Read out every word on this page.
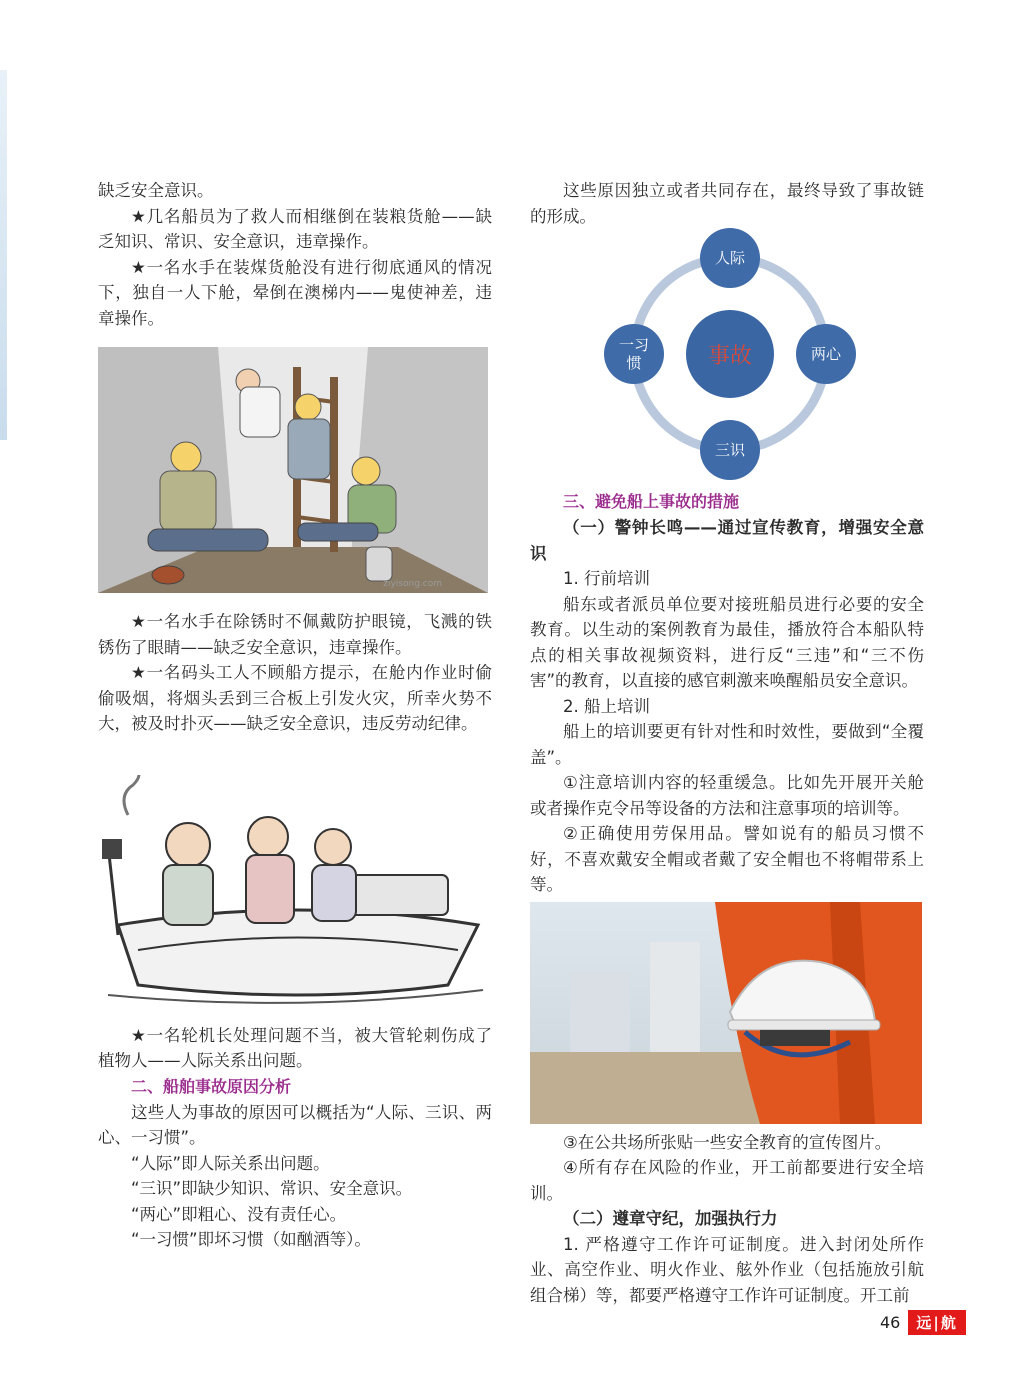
缺乏安全意识。

★几名船员为了救人而相继倒在装粮货舱——缺乏知识、常识、安全意识，违章操作。

★一名水手在装煤货舱没有进行彻底通风的情况下，独自一人下舱，晕倒在澳梯内——鬼使神差，违章操作。

ziyisong.com

★一名水手在除锈时不佩戴防护眼镜，飞溅的铁锈伤了眼睛——缺乏安全意识，违章操作。

★一名码头工人不顾船方提示，在舱内作业时偷偷吸烟，将烟头丢到三合板上引发火灾，所幸火势不大，被及时扑灭——缺乏安全意识，违反劳动纪律。

★一名轮机长处理问题不当，被大管轮刺伤成了植物人——人际关系出问题。

二、船舶事故原因分析

这些人为事故的原因可以概括为“人际、三识、两心、一习惯”。

“人际”即人际关系出问题。

“三识”即缺少知识、常识、安全意识。

“两心”即粗心、没有责任心。

“一习惯”即坏习惯（如酗酒等）。

这些原因独立或者共同存在，最终导致了事故链的形成。

事故
人际
两心
三识
一习惯

三、避免船上事故的措施

（一）警钟长鸣——通过宣传教育，增强安全意识

1. 行前培训

船东或者派员单位要对接班船员进行必要的安全教育。以生动的案例教育为最佳，播放符合本船队特点的相关事故视频资料，进行反“三违”和“三不伤害”的教育，以直接的感官刺激来唤醒船员安全意识。

2. 船上培训

船上的培训要更有针对性和时效性，要做到“全覆盖”。

①注意培训内容的轻重缓急。比如先开展开关舱或者操作克令吊等设备的方法和注意事项的培训等。

②正确使用劳保用品。譬如说有的船员习惯不好，不喜欢戴安全帽或者戴了安全帽也不将帽带系上等。

③在公共场所张贴一些安全教育的宣传图片。

④所有存在风险的作业，开工前都要进行安全培训。

（二）遵章守纪，加强执行力

1. 严格遵守工作许可证制度。进入封闭处所作业、高空作业、明火作业、舷外作业（包括施放引航组合梯）等，都要严格遵守工作许可证制度。开工前

46	远|航
